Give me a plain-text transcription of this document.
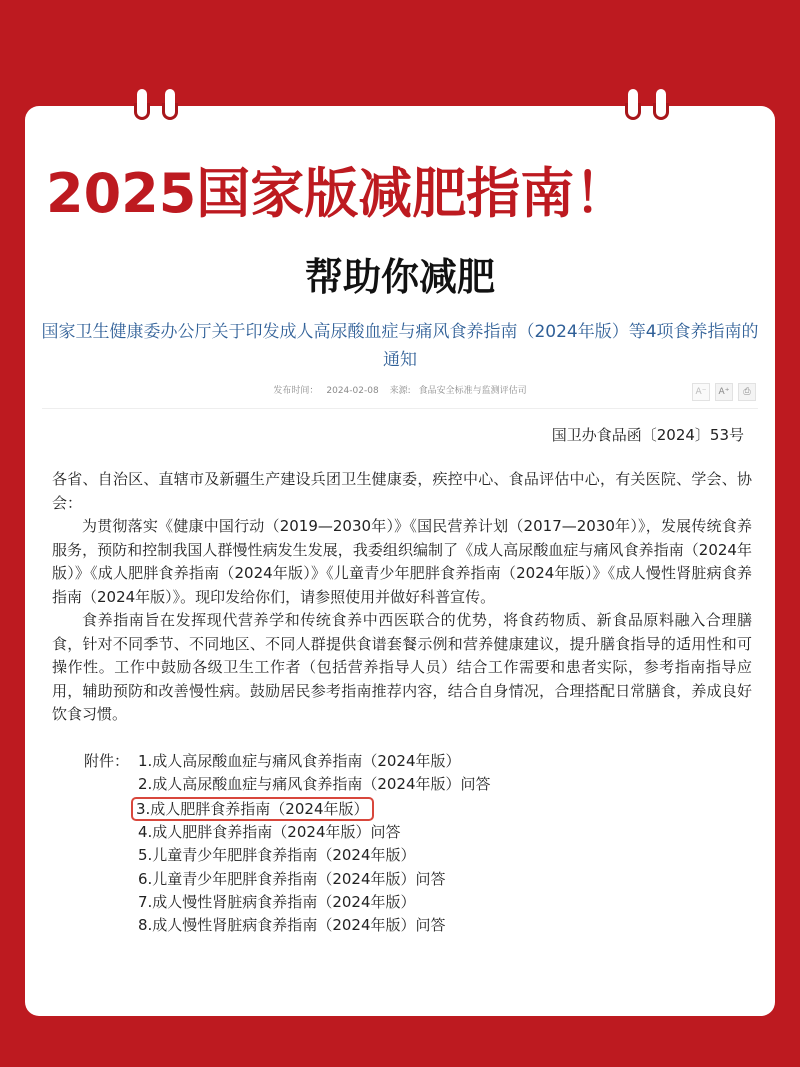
2025国家版减肥指南！
帮助你减肥
国家卫生健康委办公厅关于印发成人高尿酸血症与痛风食养指南（2024年版）等4项食养指南的通知
发布时间： 2024-02-08 来源: 食品安全标准与监测评估司	A⁻	A⁺	⎙
国卫办食品函〔2024〕53号

各省、自治区、直辖市及新疆生产建设兵团卫生健康委，疾控中心、食品评估中心，有关医院、学会、协会：

为贯彻落实《健康中国行动（2019—2030年）》《国民营养计划（2017—2030年）》，发展传统食养服务，预防和控制我国人群慢性病发生发展，我委组织编制了《成人高尿酸血症与痛风食养指南（2024年版）》《成人肥胖食养指南（2024年版）》《儿童青少年肥胖食养指南（2024年版）》《成人慢性肾脏病食养指南（2024年版）》。现印发给你们，请参照使用并做好科普宣传。

食养指南旨在发挥现代营养学和传统食养中西医联合的优势，将食药物质、新食品原料融入合理膳食，针对不同季节、不同地区、不同人群提供食谱套餐示例和营养健康建议，提升膳食指导的适用性和可操作性。工作中鼓励各级卫生工作者（包括营养指导人员）结合工作需要和患者实际，参考指南指导应用，辅助预防和改善慢性病。鼓励居民参考指南推荐内容，结合自身情况，合理搭配日常膳食，养成良好饮食习惯。

附件： 1.成人高尿酸血症与痛风食养指南（2024年版）
2.成人高尿酸血症与痛风食养指南（2024年版）问答
3.成人肥胖食养指南（2024年版）
4.成人肥胖食养指南（2024年版）问答
5.儿童青少年肥胖食养指南（2024年版）
6.儿童青少年肥胖食养指南（2024年版）问答
7.成人慢性肾脏病食养指南（2024年版）
8.成人慢性肾脏病食养指南（2024年版）问答
